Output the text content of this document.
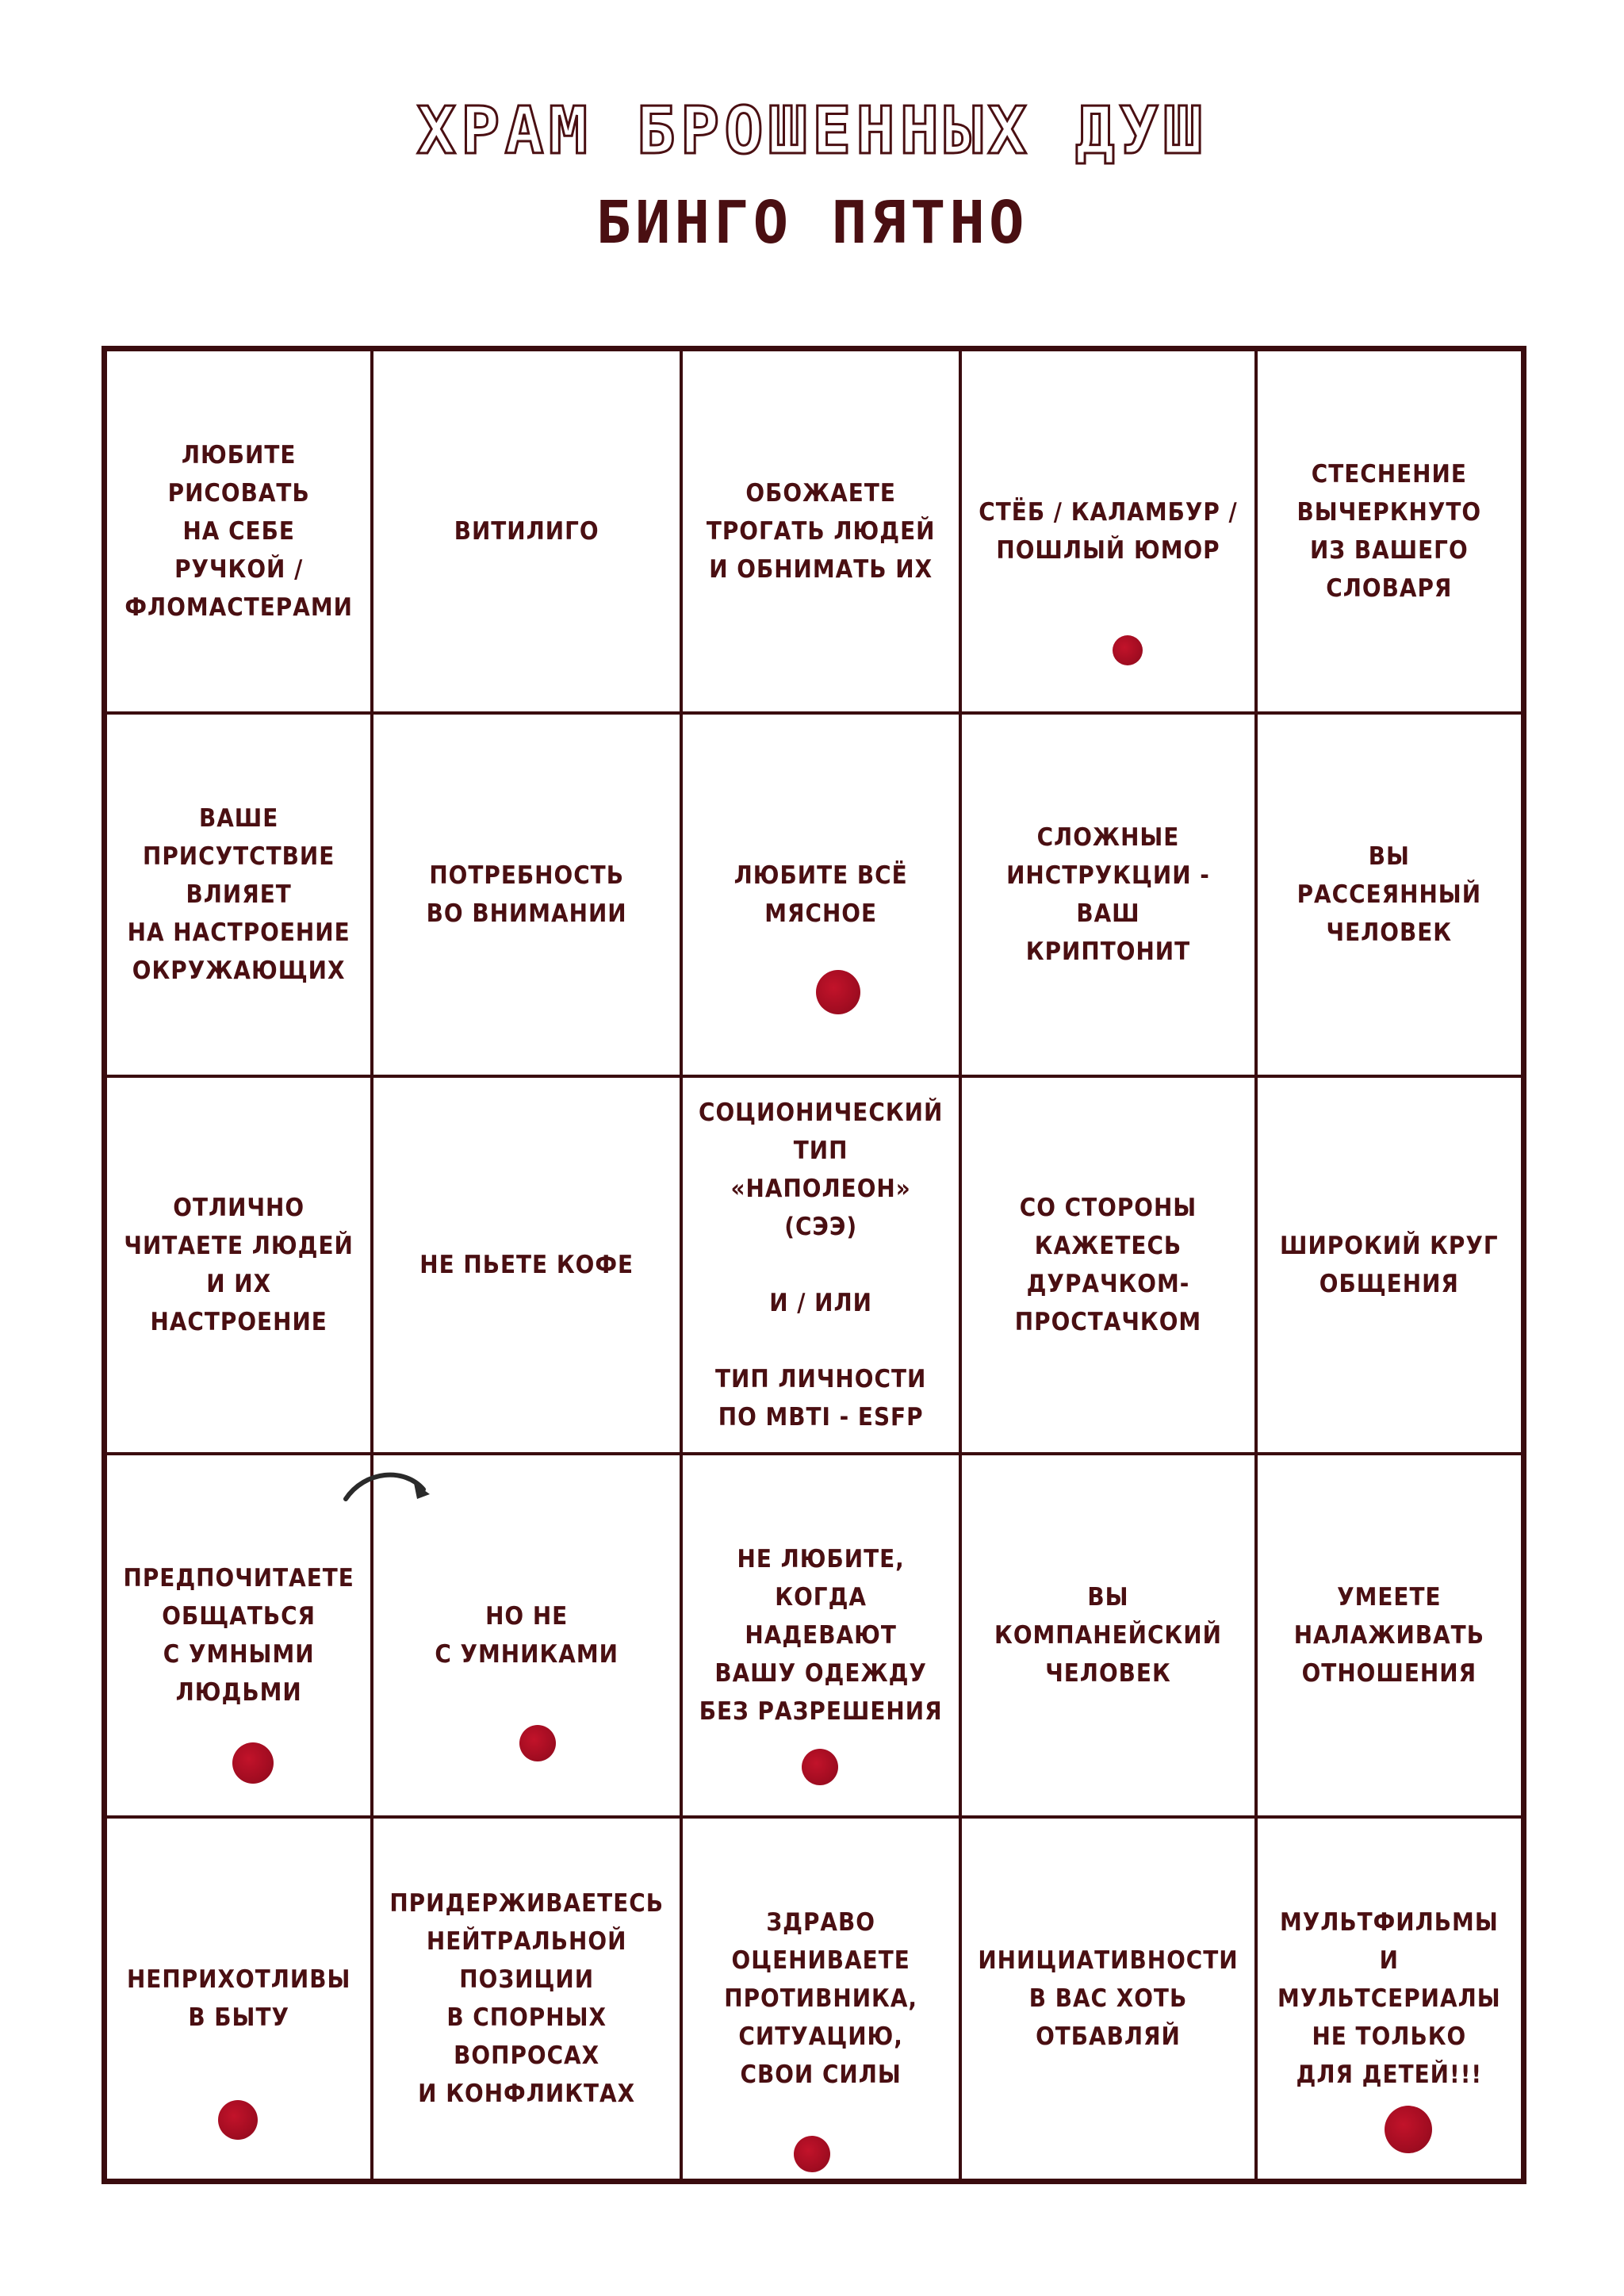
ХРАМ БРОШЕННЫХ ДУШ
БИНГО ПЯТНО
ЛЮБИТЕ РИСОВАТЬ
НА СЕБЕ РУЧКОЙ /
ФЛОМАСТЕРАМИ
ВИТИЛИГО
ОБОЖАЕТЕ
ТРОГАТЬ ЛЮДЕЙ
И ОБНИМАТЬ ИХ
СТЁБ / КАЛАМБУР /
ПОШЛЫЙ ЮМОР
СТЕСНЕНИЕ
ВЫЧЕРКНУТО
ИЗ ВАШЕГО
СЛОВАРЯ
ВАШЕ
ПРИСУТСТВИЕ
ВЛИЯЕТ
НА НАСТРОЕНИЕ
ОКРУЖАЮЩИХ
ПОТРЕБНОСТЬ
ВО ВНИМАНИИ
ЛЮБИТЕ ВСЁ МЯСНОЕ
СЛОЖНЫЕ
ИНСТРУКЦИИ - ВАШ
КРИПТОНИТ
ВЫ
РАССЕЯННЫЙ
ЧЕЛОВЕК
ОТЛИЧНО
ЧИТАЕТЕ ЛЮДЕЙ
И ИХ НАСТРОЕНИЕ
НЕ ПЬЕТЕ КОФЕ
СОЦИОНИЧЕСКИЙ ТИП
«НАПОЛЕОН»
(СЭЭ)

И / ИЛИ

ТИП ЛИЧНОСТИ
ПО MBTI - ESFP
СО СТОРОНЫ
КАЖЕТЕСЬ
ДУРАЧКОМ-
ПРОСТАЧКОМ
ШИРОКИЙ КРУГ
ОБЩЕНИЯ
ПРЕДПОЧИТАЕТЕ
ОБЩАТЬСЯ
С УМНЫМИ ЛЮДЬМИ
НО НЕ
С УМНИКАМИ
НЕ ЛЮБИТЕ,
КОГДА НАДЕВАЮТ
ВАШУ ОДЕЖДУ
БЕЗ РАЗРЕШЕНИЯ
ВЫ
КОМПАНЕЙСКИЙ
ЧЕЛОВЕК
УМЕЕТЕ
НАЛАЖИВАТЬ
ОТНОШЕНИЯ
НЕПРИХОТЛИВЫ
В БЫТУ
ПРИДЕРЖИВАЕТЕСЬ
НЕЙТРАЛЬНОЙ
ПОЗИЦИИ
В СПОРНЫХ
ВОПРОСАХ
И КОНФЛИКТАХ
ЗДРАВО
ОЦЕНИВАЕТЕ
ПРОТИВНИКА,
СИТУАЦИЮ,
СВОИ СИЛЫ
ИНИЦИАТИВНОСТИ
В ВАС ХОТЬ
ОТБАВЛЯЙ
МУЛЬТФИЛЬМЫ
И МУЛЬТСЕРИАЛЫ
НЕ ТОЛЬКО
ДЛЯ ДЕТЕЙ!!!
